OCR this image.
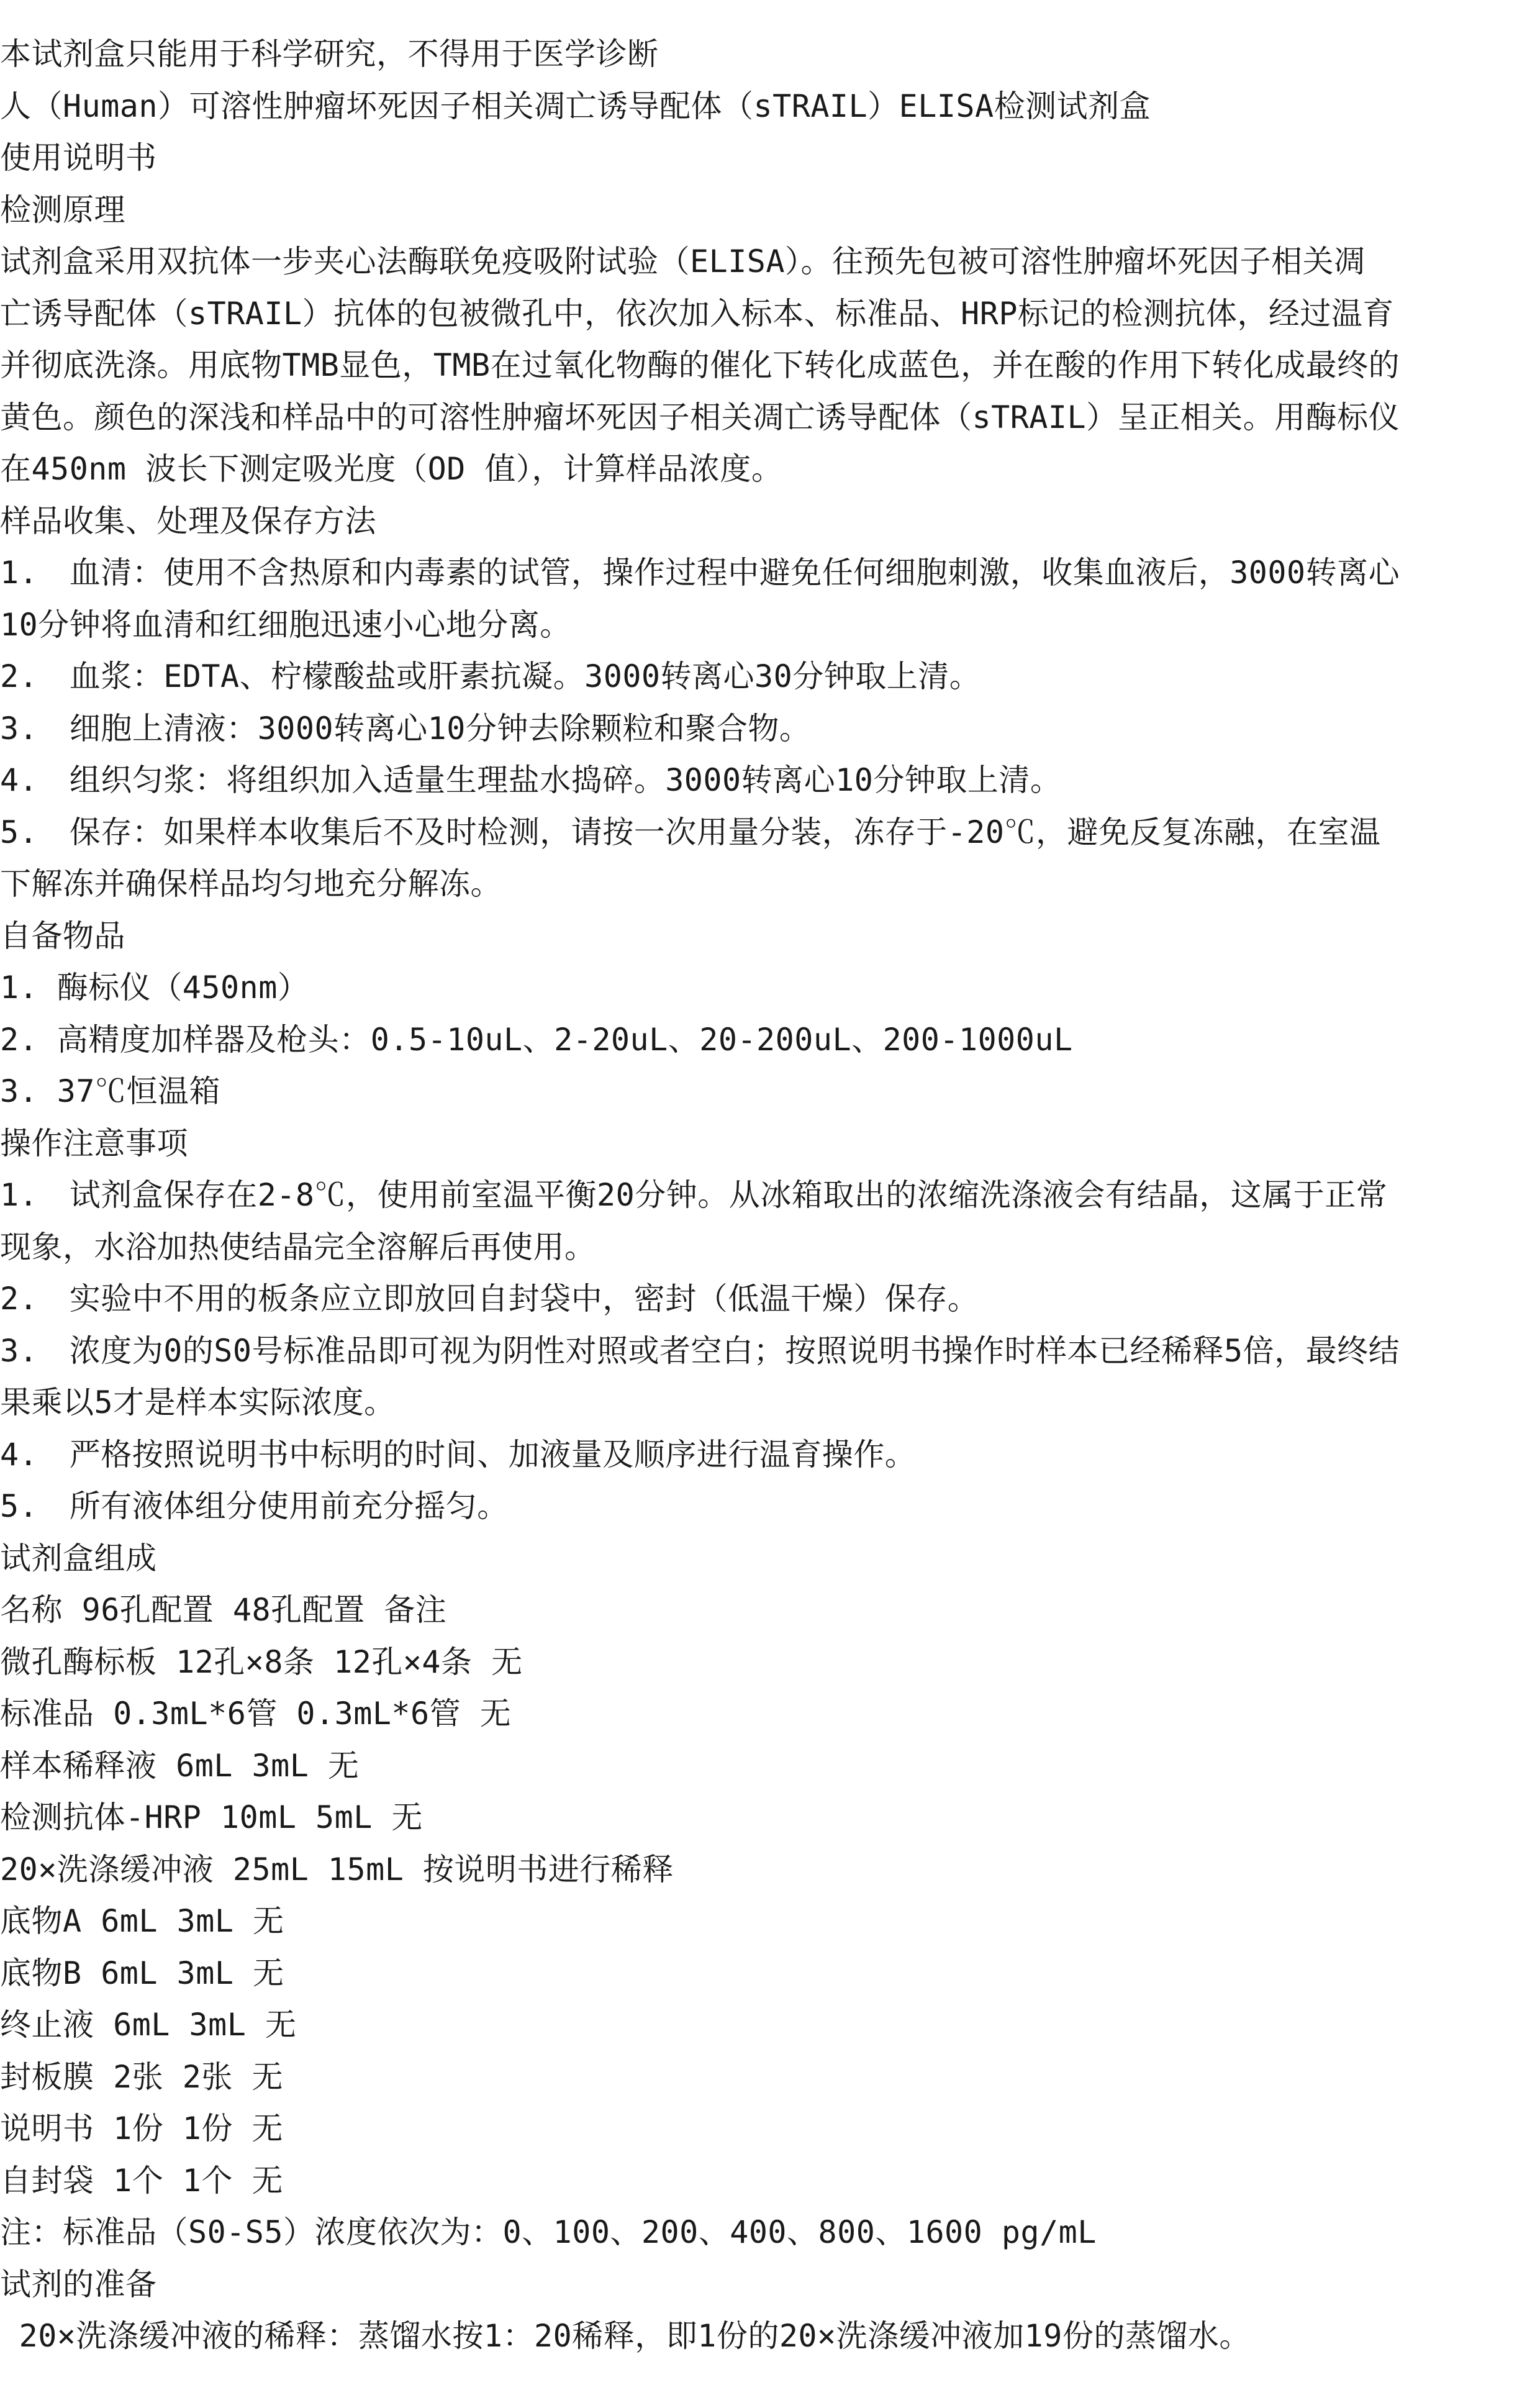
本试剂盒只能用于科学研究，不得用于医学诊断
人（Human）可溶性肿瘤坏死因子相关凋亡诱导配体（sTRAIL）ELISA检测试剂盒
使用说明书
检测原理
试剂盒采用双抗体一步夹心法酶联免疫吸附试验（ELISA）。往预先包被可溶性肿瘤坏死因子相关凋
亡诱导配体（sTRAIL）抗体的包被微孔中，依次加入标本、标准品、HRP标记的检测抗体，经过温育
并彻底洗涤。用底物TMB显色，TMB在过氧化物酶的催化下转化成蓝色，并在酸的作用下转化成最终的
黄色。颜色的深浅和样品中的可溶性肿瘤坏死因子相关凋亡诱导配体（sTRAIL）呈正相关。用酶标仪
在450nm 波长下测定吸光度（OD 值），计算样品浓度。
样品收集、处理及保存方法
1.　血清：使用不含热原和内毒素的试管，操作过程中避免任何细胞刺激，收集血液后，3000转离心
10分钟将血清和红细胞迅速小心地分离。
2.　血浆：EDTA、柠檬酸盐或肝素抗凝。3000转离心30分钟取上清。
3.　细胞上清液：3000转离心10分钟去除颗粒和聚合物。
4.　组织匀浆：将组织加入适量生理盐水捣碎。3000转离心10分钟取上清。
5.　保存：如果样本收集后不及时检测，请按一次用量分装，冻存于-20℃，避免反复冻融，在室温
下解冻并确保样品均匀地充分解冻。
自备物品
1. 酶标仪（450nm）
2. 高精度加样器及枪头：0.5-10uL、2-20uL、20-200uL、200-1000uL
3. 37℃恒温箱
操作注意事项
1.　试剂盒保存在2-8℃，使用前室温平衡20分钟。从冰箱取出的浓缩洗涤液会有结晶，这属于正常
现象，水浴加热使结晶完全溶解后再使用。
2.　实验中不用的板条应立即放回自封袋中，密封（低温干燥）保存。
3.　浓度为0的S0号标准品即可视为阴性对照或者空白；按照说明书操作时样本已经稀释5倍，最终结
果乘以5才是样本实际浓度。
4.　严格按照说明书中标明的时间、加液量及顺序进行温育操作。
5.　所有液体组分使用前充分摇匀。
试剂盒组成
名称 96孔配置 48孔配置 备注
微孔酶标板 12孔×8条 12孔×4条 无
标准品 0.3mL*6管 0.3mL*6管 无
样本稀释液 6mL 3mL 无
检测抗体-HRP 10mL 5mL 无
20×洗涤缓冲液 25mL 15mL 按说明书进行稀释
底物A 6mL 3mL 无
底物B 6mL 3mL 无
终止液 6mL 3mL 无
封板膜 2张 2张 无
说明书 1份 1份 无
自封袋 1个 1个 无
注：标准品（S0-S5）浓度依次为：0、100、200、400、800、1600 pg/mL
试剂的准备
20×洗涤缓冲液的稀释：蒸馏水按1：20稀释，即1份的20×洗涤缓冲液加19份的蒸馏水。
